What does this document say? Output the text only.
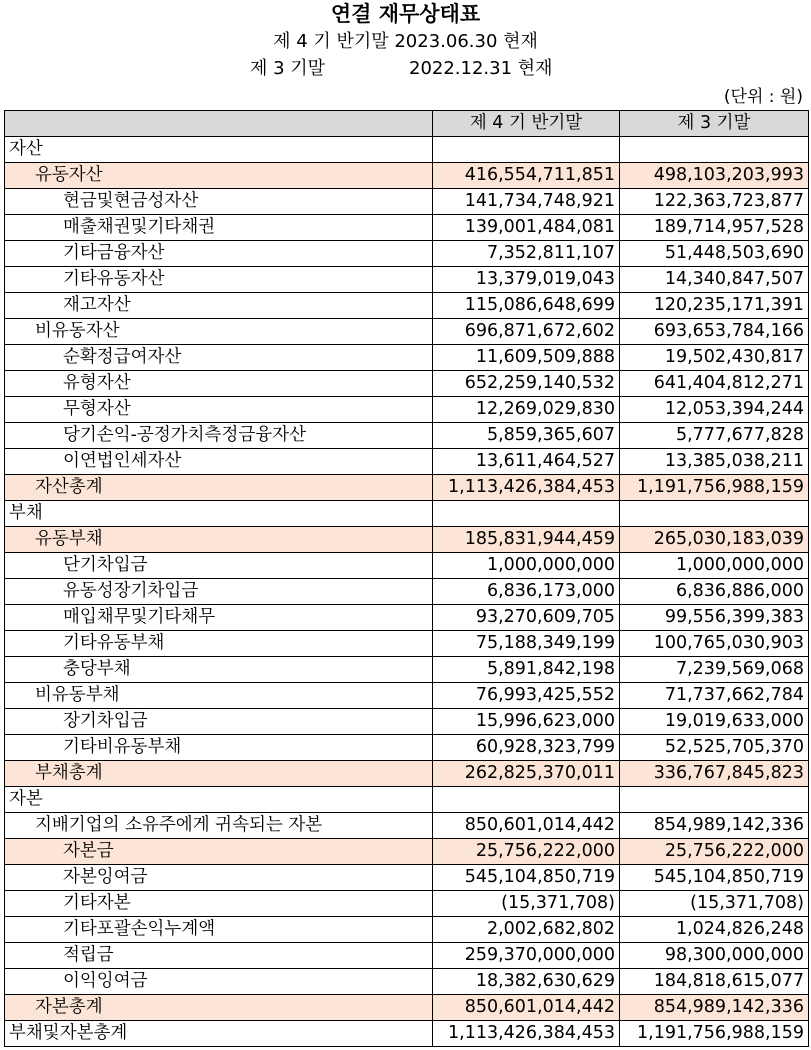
연결 재무상태표
제 4 기 반기말 2023.06.30 현재
제 3 기말	2022.12.31 현재
(단위 : 원)
	제 4 기 반기말	제 3 기말
자산		
유동자산	416,554,711,851	498,103,203,993
현금및현금성자산	141,734,748,921	122,363,723,877
매출채권및기타채권	139,001,484,081	189,714,957,528
기타금융자산	7,352,811,107	51,448,503,690
기타유동자산	13,379,019,043	14,340,847,507
재고자산	115,086,648,699	120,235,171,391
비유동자산	696,871,672,602	693,653,784,166
순확정급여자산	11,609,509,888	19,502,430,817
유형자산	652,259,140,532	641,404,812,271
무형자산	12,269,029,830	12,053,394,244
당기손익-공정가치측정금융자산	5,859,365,607	5,777,677,828
이연법인세자산	13,611,464,527	13,385,038,211
자산총계	1,113,426,384,453	1,191,756,988,159
부채		
유동부채	185,831,944,459	265,030,183,039
단기차입금	1,000,000,000	1,000,000,000
유동성장기차입금	6,836,173,000	6,836,886,000
매입채무및기타채무	93,270,609,705	99,556,399,383
기타유동부채	75,188,349,199	100,765,030,903
충당부채	5,891,842,198	7,239,569,068
비유동부채	76,993,425,552	71,737,662,784
장기차입금	15,996,623,000	19,019,633,000
기타비유동부채	60,928,323,799	52,525,705,370
부채총계	262,825,370,011	336,767,845,823
자본		
지배기업의 소유주에게 귀속되는 자본	850,601,014,442	854,989,142,336
자본금	25,756,222,000	25,756,222,000
자본잉여금	545,104,850,719	545,104,850,719
기타자본	(15,371,708)	(15,371,708)
기타포괄손익누계액	2,002,682,802	1,024,826,248
적립금	259,370,000,000	98,300,000,000
이익잉여금	18,382,630,629	184,818,615,077
자본총계	850,601,014,442	854,989,142,336
부채및자본총계	1,113,426,384,453	1,191,756,988,159
